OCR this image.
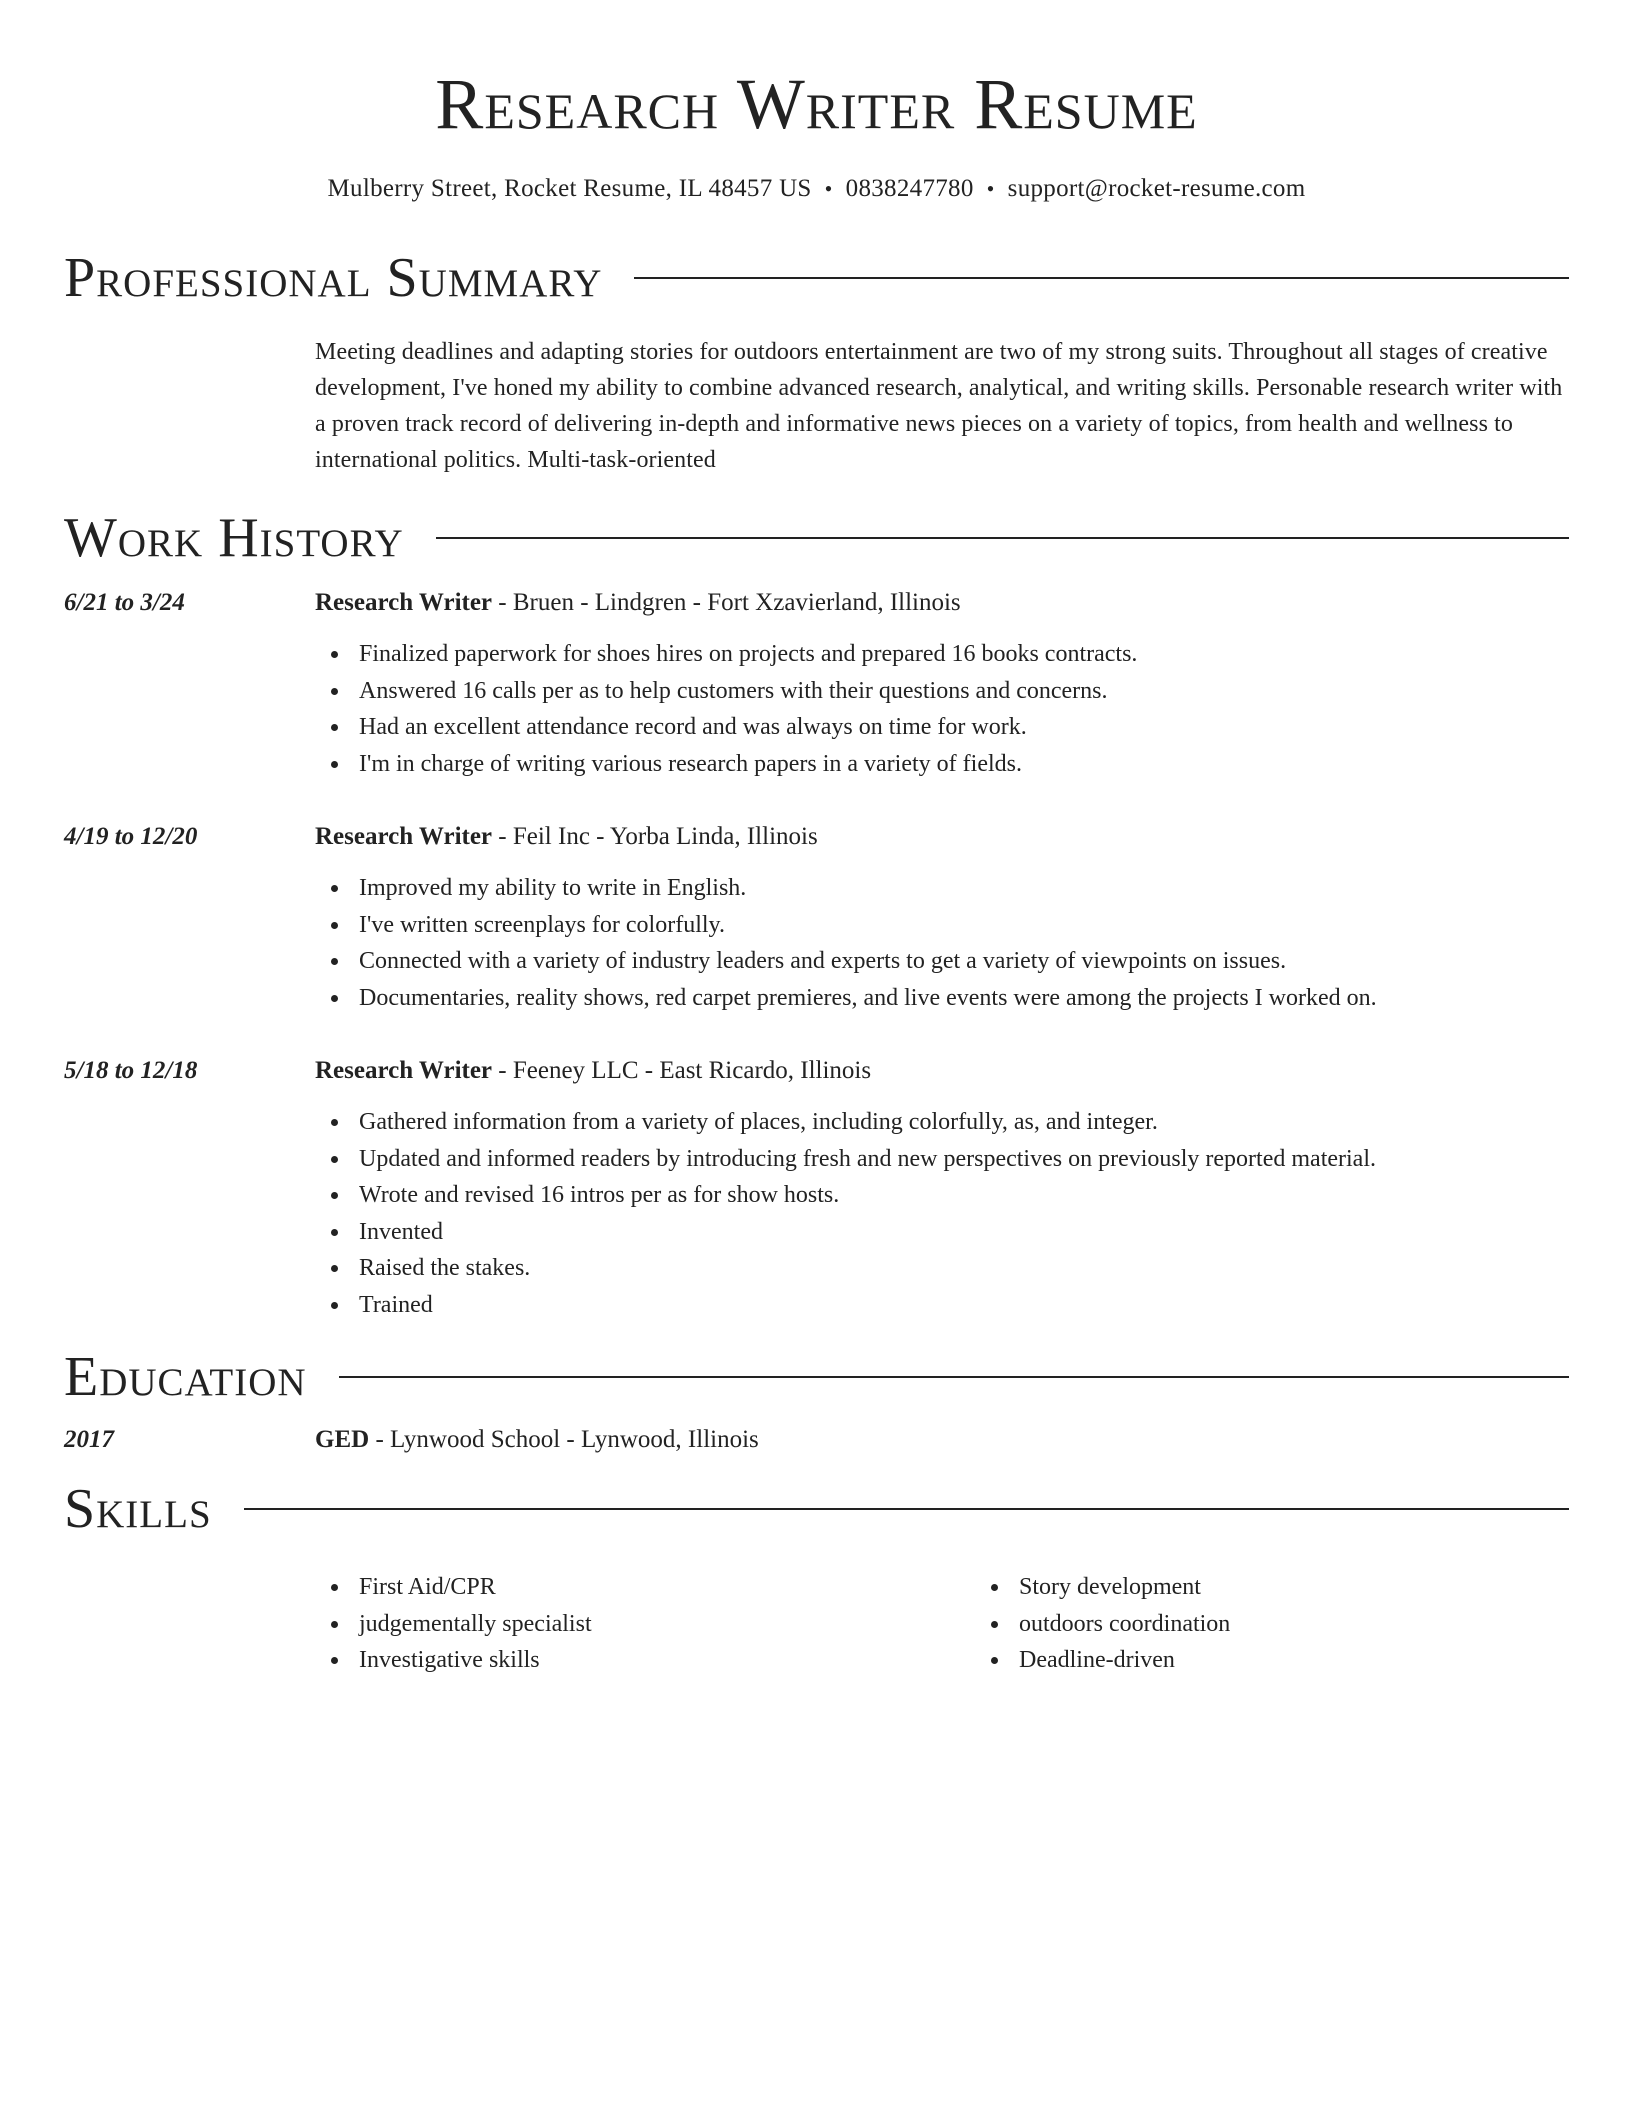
Research Writer Resume
Mulberry Street, Rocket Resume, IL 48457 US • 0838247780 • support@rocket-resume.com
Professional Summary
Meeting deadlines and adapting stories for outdoors entertainment are two of my strong suits. Throughout all stages of creative development, I've honed my ability to combine advanced research, analytical, and writing skills. Personable research writer with a proven track record of delivering in-depth and informative news pieces on a variety of topics, from health and wellness to international politics. Multi-task-oriented
Work History
6/21 to 3/24	Research Writer - Bruen - Lindgren - Fort Xzavierland, Illinois
Finalized paperwork for shoes hires on projects and prepared 16 books contracts.
Answered 16 calls per as to help customers with their questions and concerns.
Had an excellent attendance record and was always on time for work.
I'm in charge of writing various research papers in a variety of fields.
4/19 to 12/20	Research Writer - Feil Inc - Yorba Linda, Illinois
Improved my ability to write in English.
I've written screenplays for colorfully.
Connected with a variety of industry leaders and experts to get a variety of viewpoints on issues.
Documentaries, reality shows, red carpet premieres, and live events were among the projects I worked on.
5/18 to 12/18	Research Writer - Feeney LLC - East Ricardo, Illinois
Gathered information from a variety of places, including colorfully, as, and integer.
Updated and informed readers by introducing fresh and new perspectives on previously reported material.
Wrote and revised 16 intros per as for show hosts.
Invented
Raised the stakes.
Trained
Education
2017	GED - Lynwood School - Lynwood, Illinois
Skills
First Aid/CPR
judgementally specialist
Investigative skills
Story development
outdoors coordination
Deadline-driven
